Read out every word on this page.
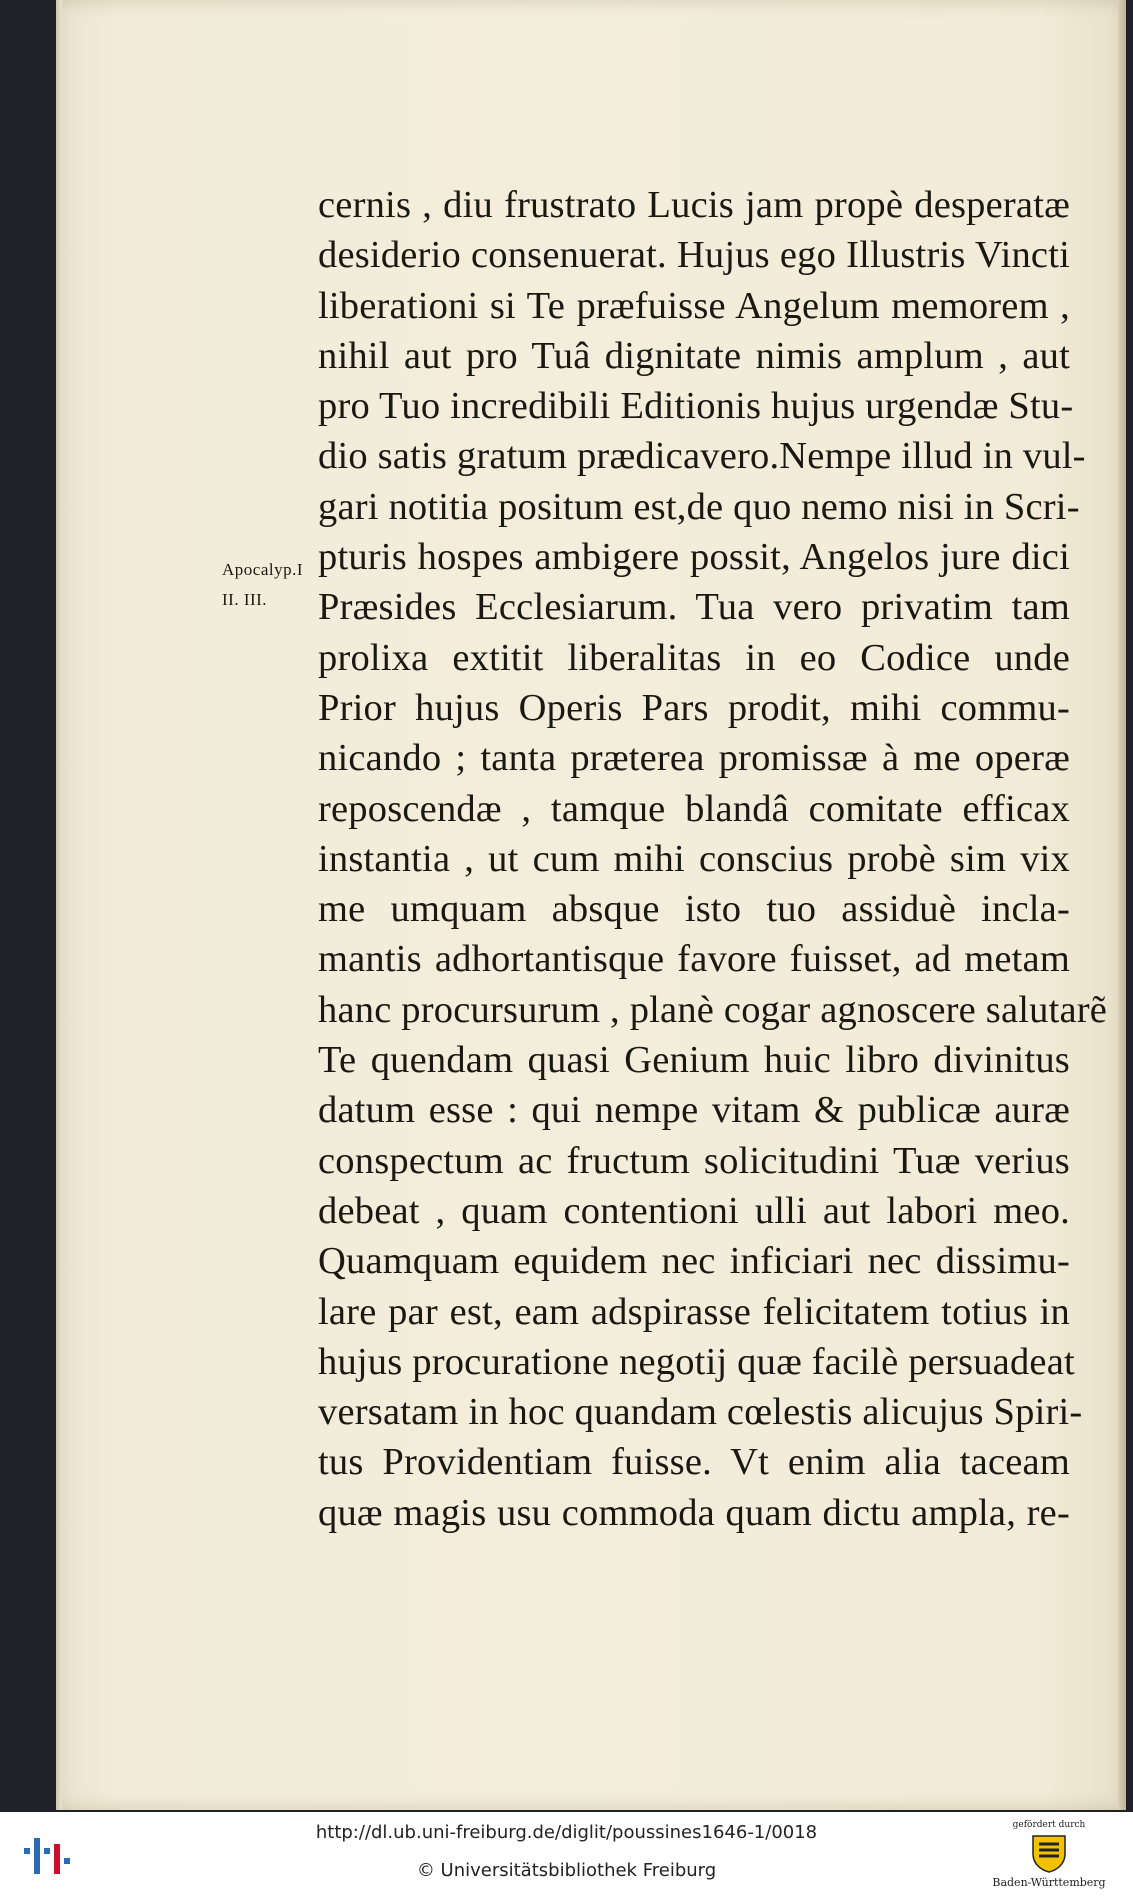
Apocalyp.I
II. III.
cernis , diu frustrato Lucis jam propè desperatæ
desiderio consenuerat. Hujus ego Illustris Vincti
liberationi si Te præfuisse Angelum memorem ,
nihil aut pro Tuâ dignitate nimis amplum , aut
pro Tuo incredibili Editionis hujus urgendæ Stu-
dio satis gratum prædicavero.Nempe illud in vul-
gari notitia positum est,de quo nemo nisi in Scri-
pturis hospes ambigere possit, Angelos jure dici
Præsides Ecclesiarum. Tua vero privatim tam
prolixa extitit liberalitas in eo Codice unde
Prior hujus Operis Pars prodit, mihi commu-
nicando ; tanta præterea promissæ à me operæ
reposcendæ , tamque blandâ comitate efficax
instantia , ut cum mihi conscius probè sim vix
me umquam absque isto tuo assiduè incla-
mantis adhortantisque favore fuisset, ad metam
hanc procursurum , planè cogar agnoscere salutarẽ
Te quendam quasi Genium huic libro divinitus
datum esse : qui nempe vitam & publicæ auræ
conspectum ac fructum solicitudini Tuæ verius
debeat , quam contentioni ulli aut labori meo.
Quamquam equidem nec inficiari nec dissimu-
lare par est, eam adspirasse felicitatem totius in
hujus procuratione negotij quæ facilè persuadeat
versatam in hoc quandam cœlestis alicujus Spiri-
tus Providentiam fuisse. Vt enim alia taceam
quæ magis usu commoda quam dictu ampla, re-
http://dl.ub.uni-freiburg.de/diglit/poussines1646-1/0018
© Universitätsbibliothek Freiburg
gefördert durch
Baden-Württemberg
